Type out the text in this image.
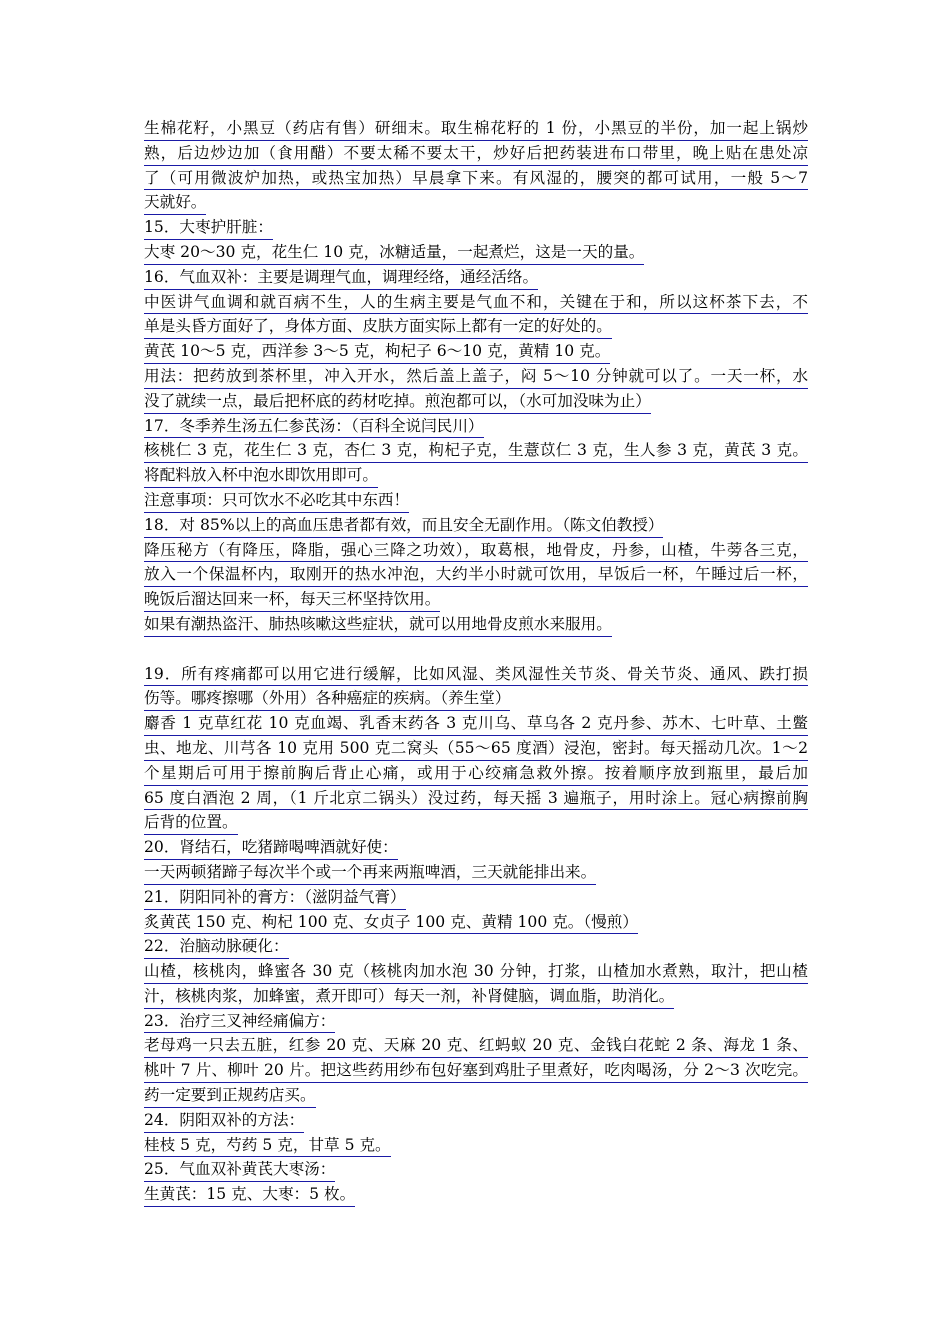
生棉花籽，小黑豆（药店有售）研细末。取生棉花籽的 1 份，小黑豆的半份，加一起上锅炒
熟，后边炒边加（食用醋）不要太稀不要太干，炒好后把药装进布口带里，晚上贴在患处凉
了（可用微波炉加热，或热宝加热）早晨拿下来。有风湿的，腰突的都可试用，一般 5～7
天就好。
15．大枣护肝脏：
大枣 20～30 克，花生仁 10 克，冰糖适量，一起煮烂，这是一天的量。
16．气血双补：主要是调理气血，调理经络，通经活络。
中医讲气血调和就百病不生，人的生病主要是气血不和，关键在于和，所以这杯茶下去，不
单是头昏方面好了，身体方面、皮肤方面实际上都有一定的好处的。
黄芪 10～5 克，西洋参 3～5 克，枸杞子 6～10 克，黄精 10 克。
用法：把药放到茶杯里，冲入开水，然后盖上盖子，闷 5～10 分钟就可以了。一天一杯，水
没了就续一点，最后把杯底的药材吃掉。煎泡都可以，（水可加没味为止）
17．冬季养生汤五仁参芪汤：（百科全说闫民川）
核桃仁 3 克，花生仁 3 克，杏仁 3 克，枸杞子克，生薏苡仁 3 克，生人参 3 克，黄芪 3 克。
将配料放入杯中泡水即饮用即可。
注意事项：只可饮水不必吃其中东西！
18．对 85%以上的高血压患者都有效，而且安全无副作用。（陈文伯教授）
降压秘方（有降压，降脂，强心三降之功效），取葛根，地骨皮，丹参，山楂，牛蒡各三克，
放入一个保温杯内，取刚开的热水冲泡，大约半小时就可饮用，早饭后一杯，午睡过后一杯，
晚饭后溜达回来一杯，每天三杯坚持饮用。
如果有潮热盗汗、肺热咳嗽这些症状，就可以用地骨皮煎水来服用。
19．所有疼痛都可以用它进行缓解，比如风湿、类风湿性关节炎、骨关节炎、通风、跌打损
伤等。哪疼擦哪（外用）各种癌症的疾病。（养生堂）
麝香 1 克草红花 10 克血竭、乳香末药各 3 克川乌、草乌各 2 克丹参、苏木、七叶草、土鳖
虫、地龙、川芎各 10 克用 500 克二窝头（55～65 度酒）浸泡，密封。每天摇动几次。1～2
个星期后可用于擦前胸后背止心痛，或用于心绞痛急救外擦。按着顺序放到瓶里，最后加
65 度白酒泡 2 周，（1 斤北京二锅头）没过药，每天摇 3 遍瓶子，用时涂上。冠心病擦前胸
后背的位置。
20．肾结石，吃猪蹄喝啤酒就好使：
一天两顿猪蹄子每次半个或一个再来两瓶啤酒，三天就能排出来。
21．阴阳同补的膏方：（滋阴益气膏）
炙黄芪 150 克、枸杞 100 克、女贞子 100 克、黄精 100 克。（慢煎）
22．治脑动脉硬化：
山楂，核桃肉，蜂蜜各 30 克（核桃肉加水泡 30 分钟，打浆，山楂加水煮熟，取汁，把山楂
汁，核桃肉浆，加蜂蜜，煮开即可）每天一剂，补肾健脑，调血脂，助消化。
23．治疗三叉神经痛偏方：
老母鸡一只去五脏，红参 20 克、天麻 20 克、红蚂蚁 20 克、金钱白花蛇 2 条、海龙 1 条、
桃叶 7 片、柳叶 20 片。把这些药用纱布包好塞到鸡肚子里煮好，吃肉喝汤，分 2～3 次吃完。
药一定要到正规药店买。
24．阴阳双补的方法：
桂枝 5 克，芍药 5 克，甘草 5 克。
25．气血双补黄芪大枣汤：
生黄芪：15 克、大枣：5 枚。
